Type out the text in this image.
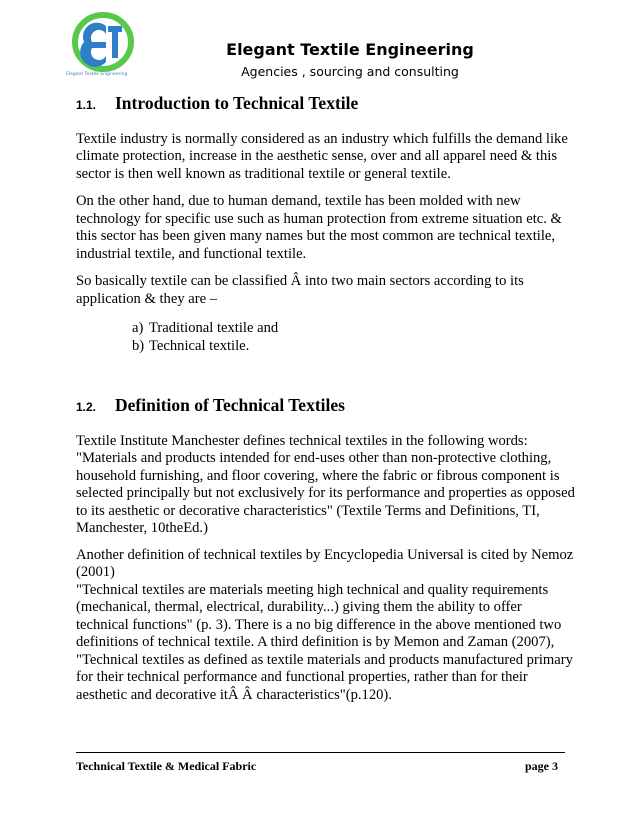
Elegant Textile Engineering
Elegant Textile Engineering
Agencies , sourcing and consulting
1.1.	Introduction to Technical Textile

Textile industry is normally considered as an industry which fulfills the demand like climate protection, increase in the aesthetic sense, over and all apparel need & this sector is then well known as traditional textile or general textile.

On the other hand, due to human demand, textile has been molded with new technology for specific use such as human protection from extreme situation etc. & this sector has been given many names but the most common are technical textile, industrial textile, and functional textile.

So basically textile can be classified Â into two main sectors according to its application & they are –

a) Traditional textile and
b) Technical textile.
1.2.	Definition of Technical Textiles

Textile Institute Manchester defines technical textiles in the following words: "Materials and products intended for end-uses other than non-protective clothing, household furnishing, and floor covering, where the fabric or fibrous component is selected principally but not exclusively for its performance and properties as opposed to its aesthetic or decorative characteristics" (Textile Terms and Definitions, TI, Manchester, 10theEd.)

Another definition of technical textiles by Encyclopedia Universal is cited by Nemoz (2001)
"Technical textiles are materials meeting high technical and quality requirements (mechanical, thermal, electrical, durability...) giving them the ability to offer technical functions" (p. 3). There is a no big difference in the above mentioned two definitions of technical textile. A third definition is by Memon and Zaman (2007), "Technical textiles as defined as textile materials and products manufactured primary for their technical performance and functional properties, rather than for their aesthetic and decorative itÂ Â characteristics"(p.120).

Technical Textile & Medical Fabric	page 3
